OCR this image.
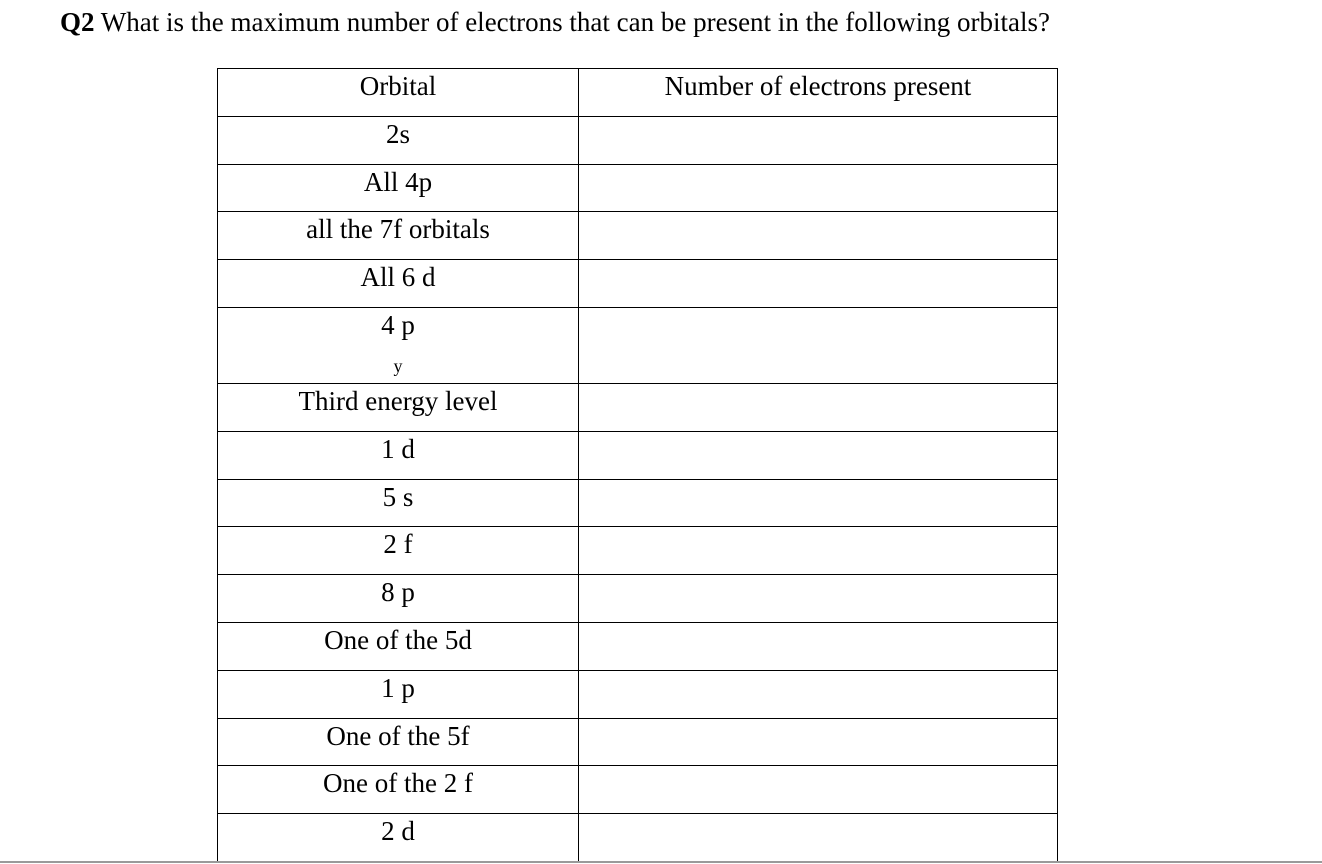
Q2 What is the maximum number of electrons that can be present in the following orbitals?
Orbital	Number of electrons present

2s	

All 4p	

all the 7f orbitals	

All 6 d	

4 p
$_y$

Third energy level	

1 d	

5 s	

2 f	

8 p	

One of the 5d	

1 p	

One of the 5f	

One of the 2 f	

2 d	
